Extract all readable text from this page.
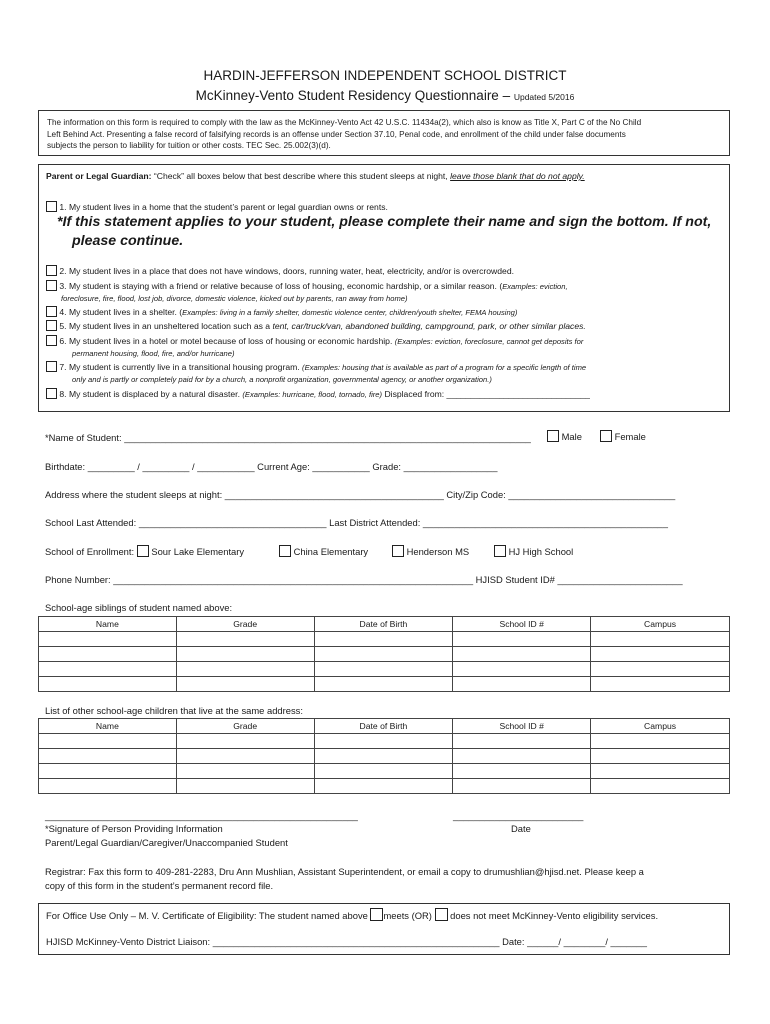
HARDIN-JEFFERSON INDEPENDENT SCHOOL DISTRICT
McKinney-Vento Student Residency Questionnaire – Updated 5/2016
The information on this form is required to comply with the law as the McKinney-Vento Act 42 U.S.C. 11434a(2), which also is know as Title X, Part C of the No Child
Left Behind Act. Presenting a false record of falsifying records is an offense under Section 37.10, Penal code, and enrollment of the child under false documents
subjects the person to liability for tuition or other costs. TEC Sec. 25.002(3)(d).
Parent or Legal Guardian: “Check” all boxes below that best describe where this student sleeps at night, leave those blank that do not apply.
1. My student lives in a home that the student’s parent or legal guardian owns or rents.
*If this statement applies to your student, please complete their name and sign the bottom. If not,
please continue.
2. My student lives in a place that does not have windows, doors, running water, heat, electricity, and/or is overcrowded.
3. My student is staying with a friend or relative because of loss of housing, economic hardship, or a similar reason. (Examples: eviction,
foreclosure, fire, flood, lost job, divorce, domestic violence, kicked out by parents, ran away from home)
4. My student lives in a shelter. (Examples: living in a family shelter, domestic violence center, children/youth shelter, FEMA housing)
5. My student lives in an unsheltered location such as a tent, car/truck/van, abandoned building, campground, park, or other similar places.
6. My student lives in a hotel or motel because of loss of housing or economic hardship. (Examples: eviction, foreclosure, cannot get deposits for
permanent housing, flood, fire, and/or hurricane)
7. My student is currently live in a transitional housing program. (Examples: housing that is available as part of a program for a specific length of time
only and is partly or completely paid for by a church, a nonprofit organization, governmental agency, or another organization.)
8. My student is displaced by a natural disaster. (Examples: hurricane, flood, tornado, fire) Displaced from: ______________________________
*Name of Student: ______________________________________________________________________________	Male	Female
Birthdate: _________ / _________ / ___________ Current Age: ___________ Grade: __________________
Address where the student sleeps at night: __________________________________________ City/Zip Code: ________________________________
School Last Attended: ____________________________________ Last District Attended: _______________________________________________
School of Enrollment: Sour Lake Elementary	China Elementary	Henderson MS	HJ High School
Phone Number: _____________________________________________________________________ HJISD Student ID# ________________________
School-age siblings of student named above:
Name	Grade	Date of Birth	School ID #	Campus

List of other school-age children that live at the same address:
Name	Grade	Date of Birth	School ID #	Campus

____________________________________________________________	_________________________
*Signature of Person Providing Information	Date
Parent/Legal Guardian/Caregiver/Unaccompanied Student
Registrar: Fax this form to 409-281-2283, Dru Ann Mushlian, Assistant Superintendent, or email a copy to drumushlian@hjisd.net. Please keep a
copy of this form in the student’s permanent record file.
For Office Use Only – M. V. Certificate of Eligibility: The student named above meets (OR) does not meet McKinney-Vento eligibility services.
HJISD McKinney-Vento District Liaison: _______________________________________________________ Date: ______/ ________/ _______
